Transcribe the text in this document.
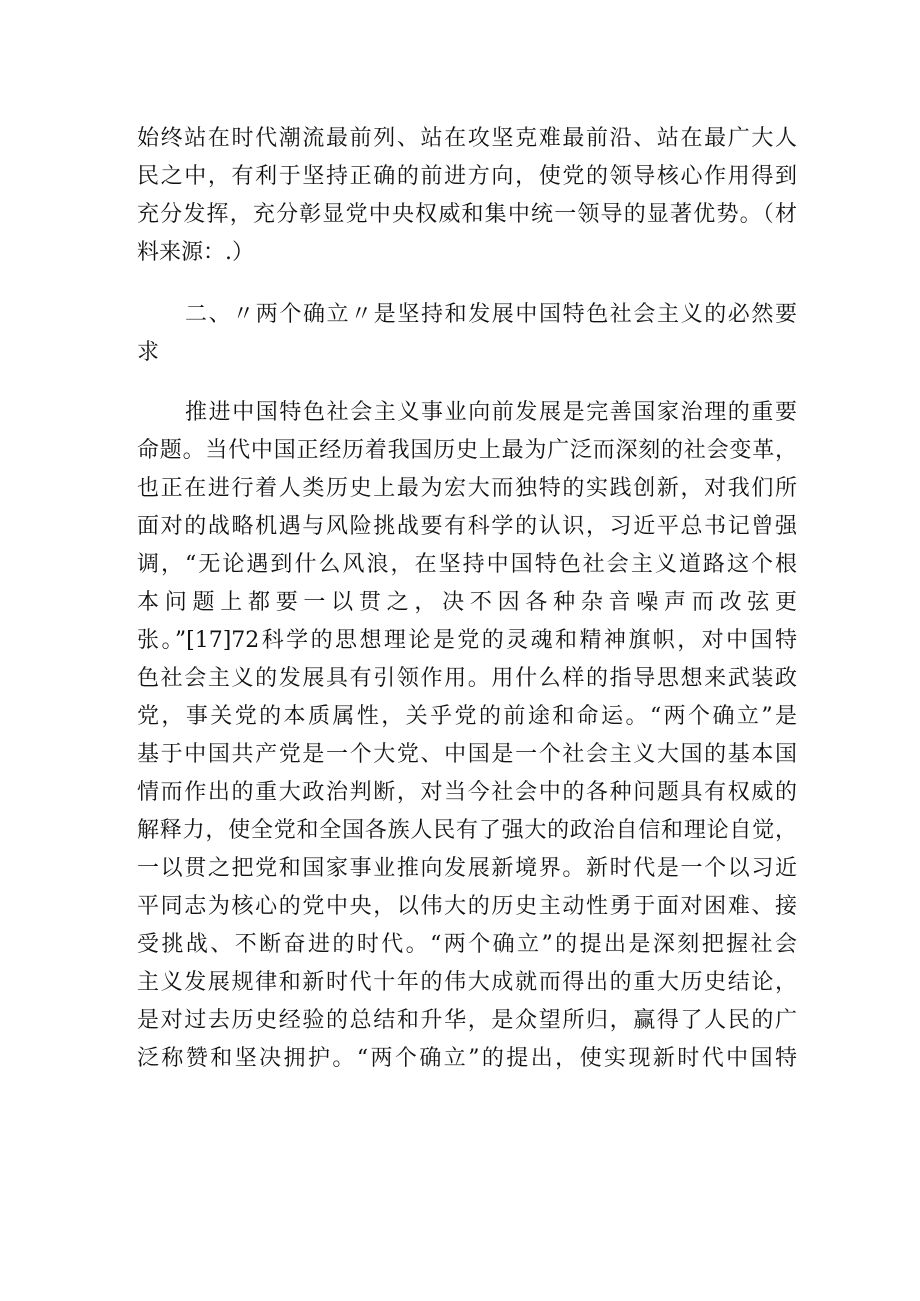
始终站在时代潮流最前列、站在攻坚克难最前沿、站在最广大人
民之中，有利于坚持正确的前进方向，使党的领导核心作用得到
充分发挥，充分彰显党中央权威和集中统一领导的显著优势。（材
料来源：.）
二、〃两个确立〃是坚持和发展中国特色社会主义的必然要
求
推进中国特色社会主义事业向前发展是完善国家治理的重要
命题。当代中国正经历着我国历史上最为广泛而深刻的社会变革，
也正在进行着人类历史上最为宏大而独特的实践创新，对我们所
面对的战略机遇与风险挑战要有科学的认识，习近平总书记曾强
调，“无论遇到什么风浪，在坚持中国特色社会主义道路这个根
本问题上都要一以贯之，决不因各种杂音噪声而改弦更
张。”[17]72科学的思想理论是党的灵魂和精神旗帜，对中国特
色社会主义的发展具有引领作用。用什么样的指导思想来武装政
党，事关党的本质属性，关乎党的前途和命运。“两个确立”是
基于中国共产党是一个大党、中国是一个社会主义大国的基本国
情而作出的重大政治判断，对当今社会中的各种问题具有权威的
解释力，使全党和全国各族人民有了强大的政治自信和理论自觉，
一以贯之把党和国家事业推向发展新境界。新时代是一个以习近
平同志为核心的党中央，以伟大的历史主动性勇于面对困难、接
受挑战、不断奋进的时代。“两个确立”的提出是深刻把握社会
主义发展规律和新时代十年的伟大成就而得出的重大历史结论，
是对过去历史经验的总结和升华，是众望所归，赢得了人民的广
泛称赞和坚决拥护。“两个确立”的提出，使实现新时代中国特
